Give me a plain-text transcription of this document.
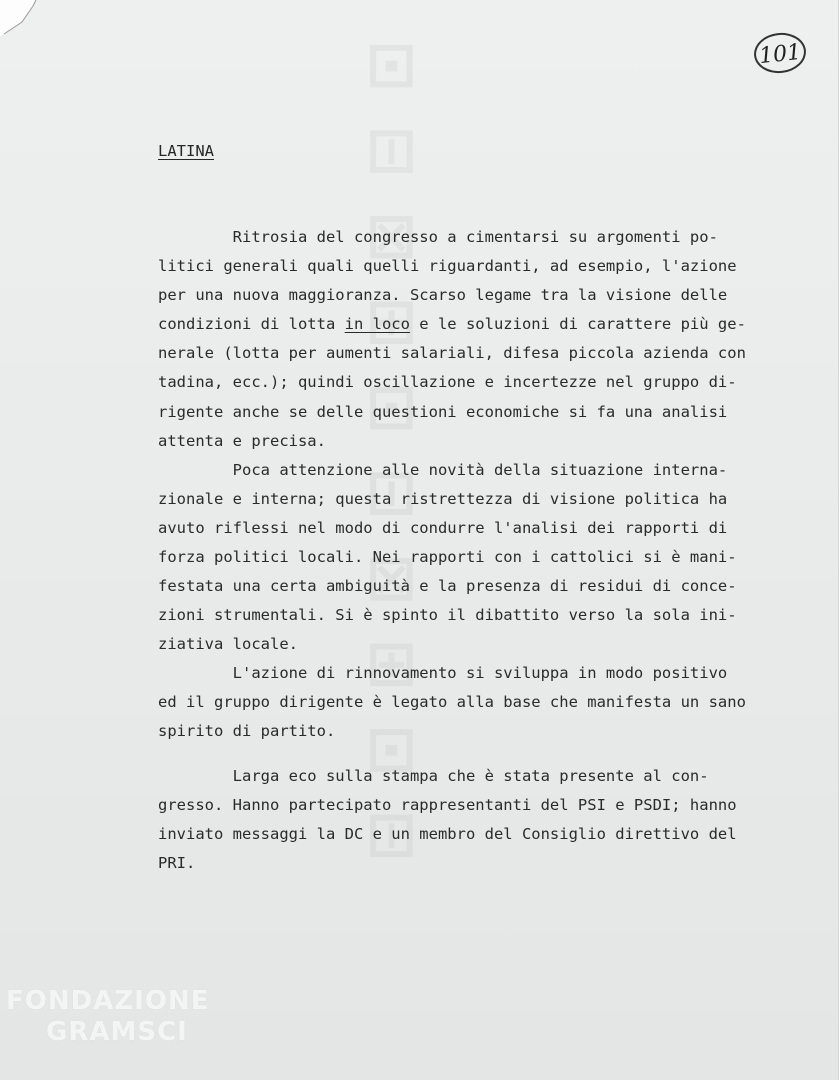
101
FONDAZIONE
GRAMSCI
LATINA
Ritrosia del congresso a cimentarsi su argomenti po-
litici generali quali quelli riguardanti, ad esempio, l'azione
per una nuova maggioranza. Scarso legame tra la visione delle
condizioni di lotta in loco e le soluzioni di carattere più ge-
nerale (lotta per aumenti salariali, difesa piccola azienda con
tadina, ecc.); quindi oscillazione e incertezze nel gruppo di-
rigente anche se delle questioni economiche si fa una analisi
attenta e precisa.
Poca attenzione alle novità della situazione interna-
zionale e interna; questa ristrettezza di visione politica ha
avuto riflessi nel modo di condurre l'analisi dei rapporti di
forza politici locali. Nei rapporti con i cattolici si è mani-
festata una certa ambiguità e la presenza di residui di conce-
zioni strumentali. Si è spinto il dibattito verso la sola ini-
ziativa locale.
L'azione di rinnovamento si sviluppa in modo positivo
ed il gruppo dirigente è legato alla base che manifesta un sano
spirito di partito.
Larga eco sulla stampa che è stata presente al con-
gresso. Hanno partecipato rappresentanti del PSI e PSDI; hanno
inviato messaggi la DC e un membro del Consiglio direttivo del
PRI.
